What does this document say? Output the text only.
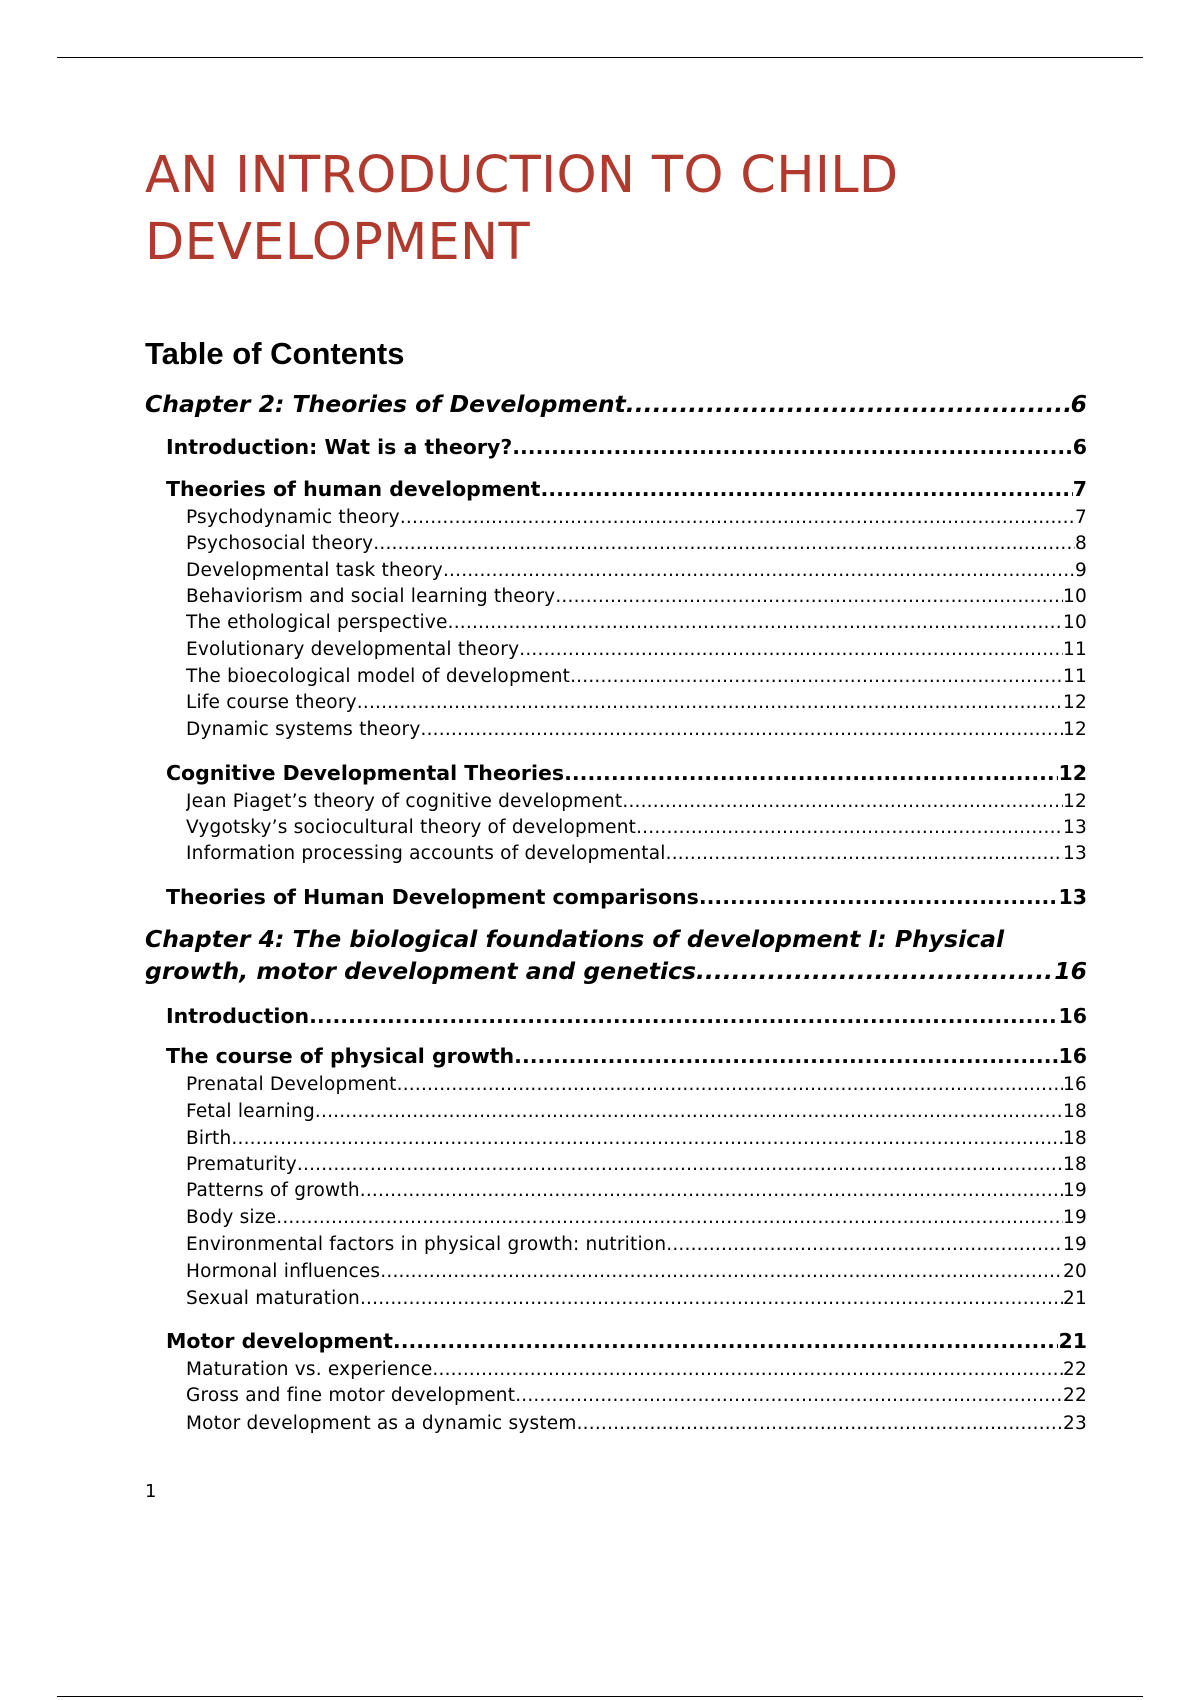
AN INTRODUCTION TO CHILD
DEVELOPMENT
Table of Contents
Chapter 2: Theories of Development .....	6
Introduction: Wat is a theory? .....	6
Theories of human development .....	7
Psychodynamic theory .....	7
Psychosocial theory .....	8
Developmental task theory .....	9
Behaviorism and social learning theory .....	10
The ethological perspective .....	10
Evolutionary developmental theory .....	11
The bioecological model of development .....	11
Life course theory .....	12
Dynamic systems theory .....	12
Cognitive Developmental Theories .....	12
Jean Piaget’s theory of cognitive development .....	12
Vygotsky’s sociocultural theory of development .....	13
Information processing accounts of developmental .....	13
Theories of Human Development comparisons .....	13
Chapter 4: The biological foundations of development I: Physical
growth, motor development and genetics .....	16
Introduction .....	16
The course of physical growth .....	16
Prenatal Development .....	16
Fetal learning .....	18
Birth .....	18
Prematurity .....	18
Patterns of growth .....	19
Body size .....	19
Environmental factors in physical growth: nutrition .....	19
Hormonal influences .....	20
Sexual maturation .....	21
Motor development .....	21
Maturation vs. experience .....	22
Gross and fine motor development .....	22
Motor development as a dynamic system .....	23
1
